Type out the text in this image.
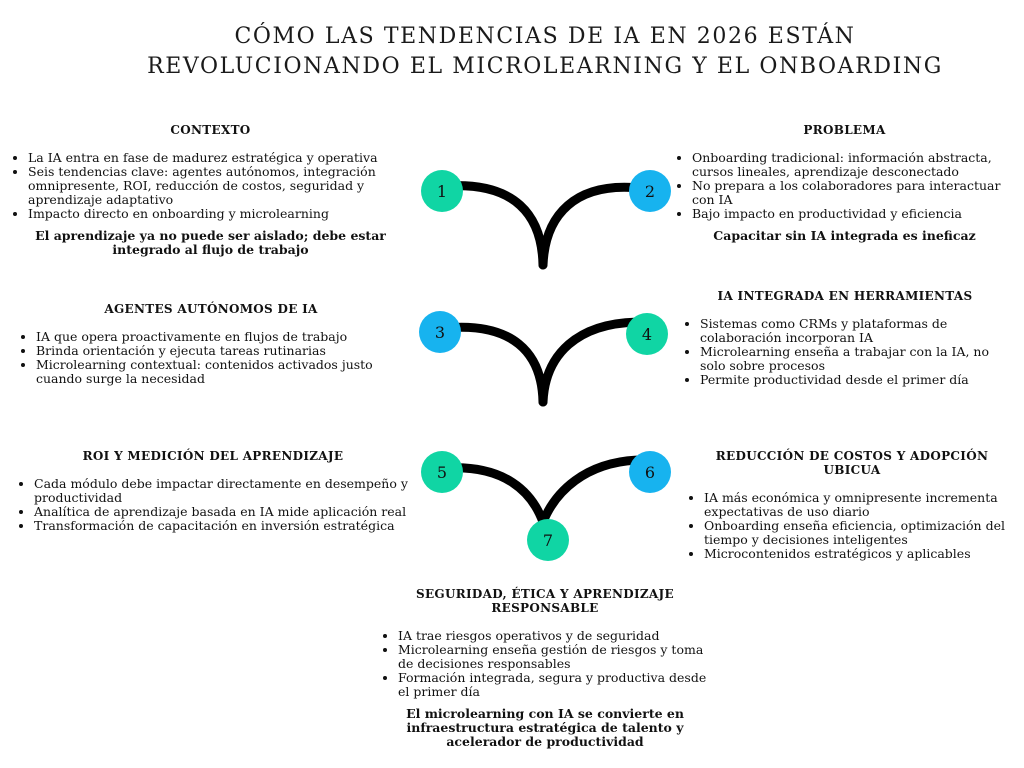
CÓMO LAS TENDENCIAS DE IA EN 2026 ESTÁN
REVOLUCIONANDO EL MICROLEARNING Y EL ONBOARDING
1	2
3	4
5	6
7
CONTEXTO
• La IA entra en fase de madurez estratégica y operativa
• Seis tendencias clave: agentes autónomos, integración omnipresente, ROI, reducción de costos, seguridad y aprendizaje adaptativo
• Impacto directo en onboarding y microlearning
El aprendizaje ya no puede ser aislado; debe estar integrado al flujo de trabajo
PROBLEMA
• Onboarding tradicional: información abstracta, cursos lineales, aprendizaje desconectado
• No prepara a los colaboradores para interactuar con IA
• Bajo impacto en productividad y eficiencia
Capacitar sin IA integrada es ineficaz
AGENTES AUTÓNOMOS DE IA
• IA que opera proactivamente en flujos de trabajo
• Brinda orientación y ejecuta tareas rutinarias
• Microlearning contextual: contenidos activados justo cuando surge la necesidad
IA INTEGRADA EN HERRAMIENTAS
• Sistemas como CRMs y plataformas de colaboración incorporan IA
• Microlearning enseña a trabajar con la IA, no solo sobre procesos
• Permite productividad desde el primer día
ROI Y MEDICIÓN DEL APRENDIZAJE
• Cada módulo debe impactar directamente en desempeño y productividad
• Analítica de aprendizaje basada en IA mide aplicación real
• Transformación de capacitación en inversión estratégica
REDUCCIÓN DE COSTOS Y ADOPCIÓN UBICUA
• IA más económica y omnipresente incrementa expectativas de uso diario
• Onboarding enseña eficiencia, optimización del tiempo y decisiones inteligentes
• Microcontenidos estratégicos y aplicables
SEGURIDAD, ÉTICA Y APRENDIZAJE RESPONSABLE
• IA trae riesgos operativos y de seguridad
• Microlearning enseña gestión de riesgos y toma de decisiones responsables
• Formación integrada, segura y productiva desde el primer día
El microlearning con IA se convierte en infraestructura estratégica de talento y acelerador de productividad
